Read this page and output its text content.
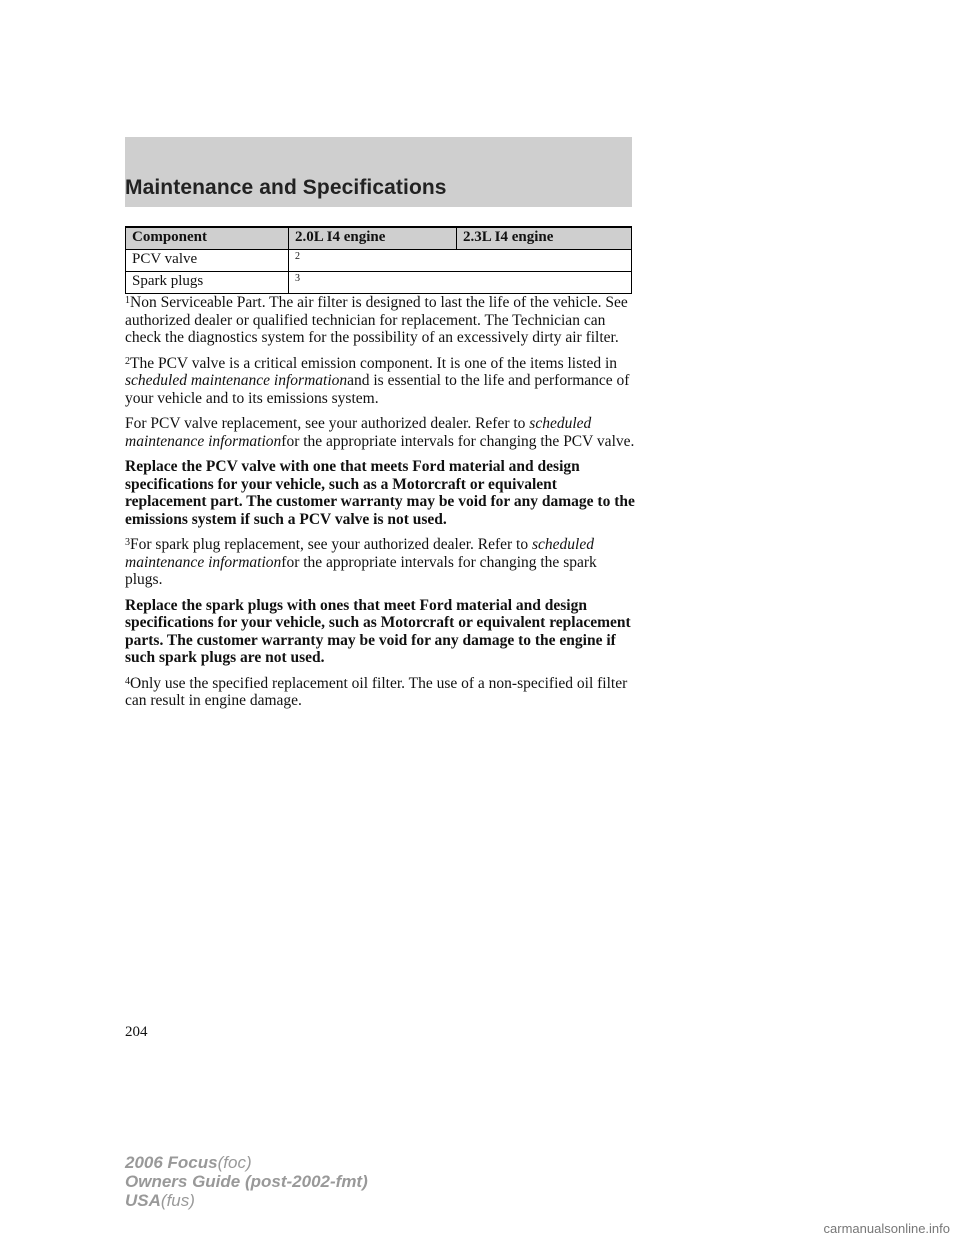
Maintenance and Specifications
Component	2.0L I4 engine	2.3L I4 engine
PCV valve	$^2$
Spark plugs	$^3$

$^1$Non Serviceable Part. The air filter is designed to last the life of the vehicle. See authorized dealer or qualified technician for replacement. The Technician can check the diagnostics system for the possibility of an excessively dirty air filter.

$^2$The PCV valve is a critical emission component. It is one of the items listed in scheduled maintenance informationand is essential to the life and performance of your vehicle and to its emissions system.

For PCV valve replacement, see your authorized dealer. Refer to scheduled maintenance informationfor the appropriate intervals for changing the PCV valve.

Replace the PCV valve with one that meets Ford material and design specifications for your vehicle, such as a Motorcraft or equivalent replacement part. The customer warranty may be void for any damage to the emissions system if such a PCV valve is not used.

$^3$For spark plug replacement, see your authorized dealer. Refer to scheduled maintenance informationfor the appropriate intervals for changing the spark plugs.

Replace the spark plugs with ones that meet Ford material and design specifications for your vehicle, such as Motorcraft or equivalent replacement parts. The customer warranty may be void for any damage to the engine if such spark plugs are not used.

$^4$Only use the specified replacement oil filter. The use of a non-specified oil filter can result in engine damage.

204
2006 Focus(foc)
Owners Guide (post-2002-fmt)
USA(fus)
carmanualsonline.info
